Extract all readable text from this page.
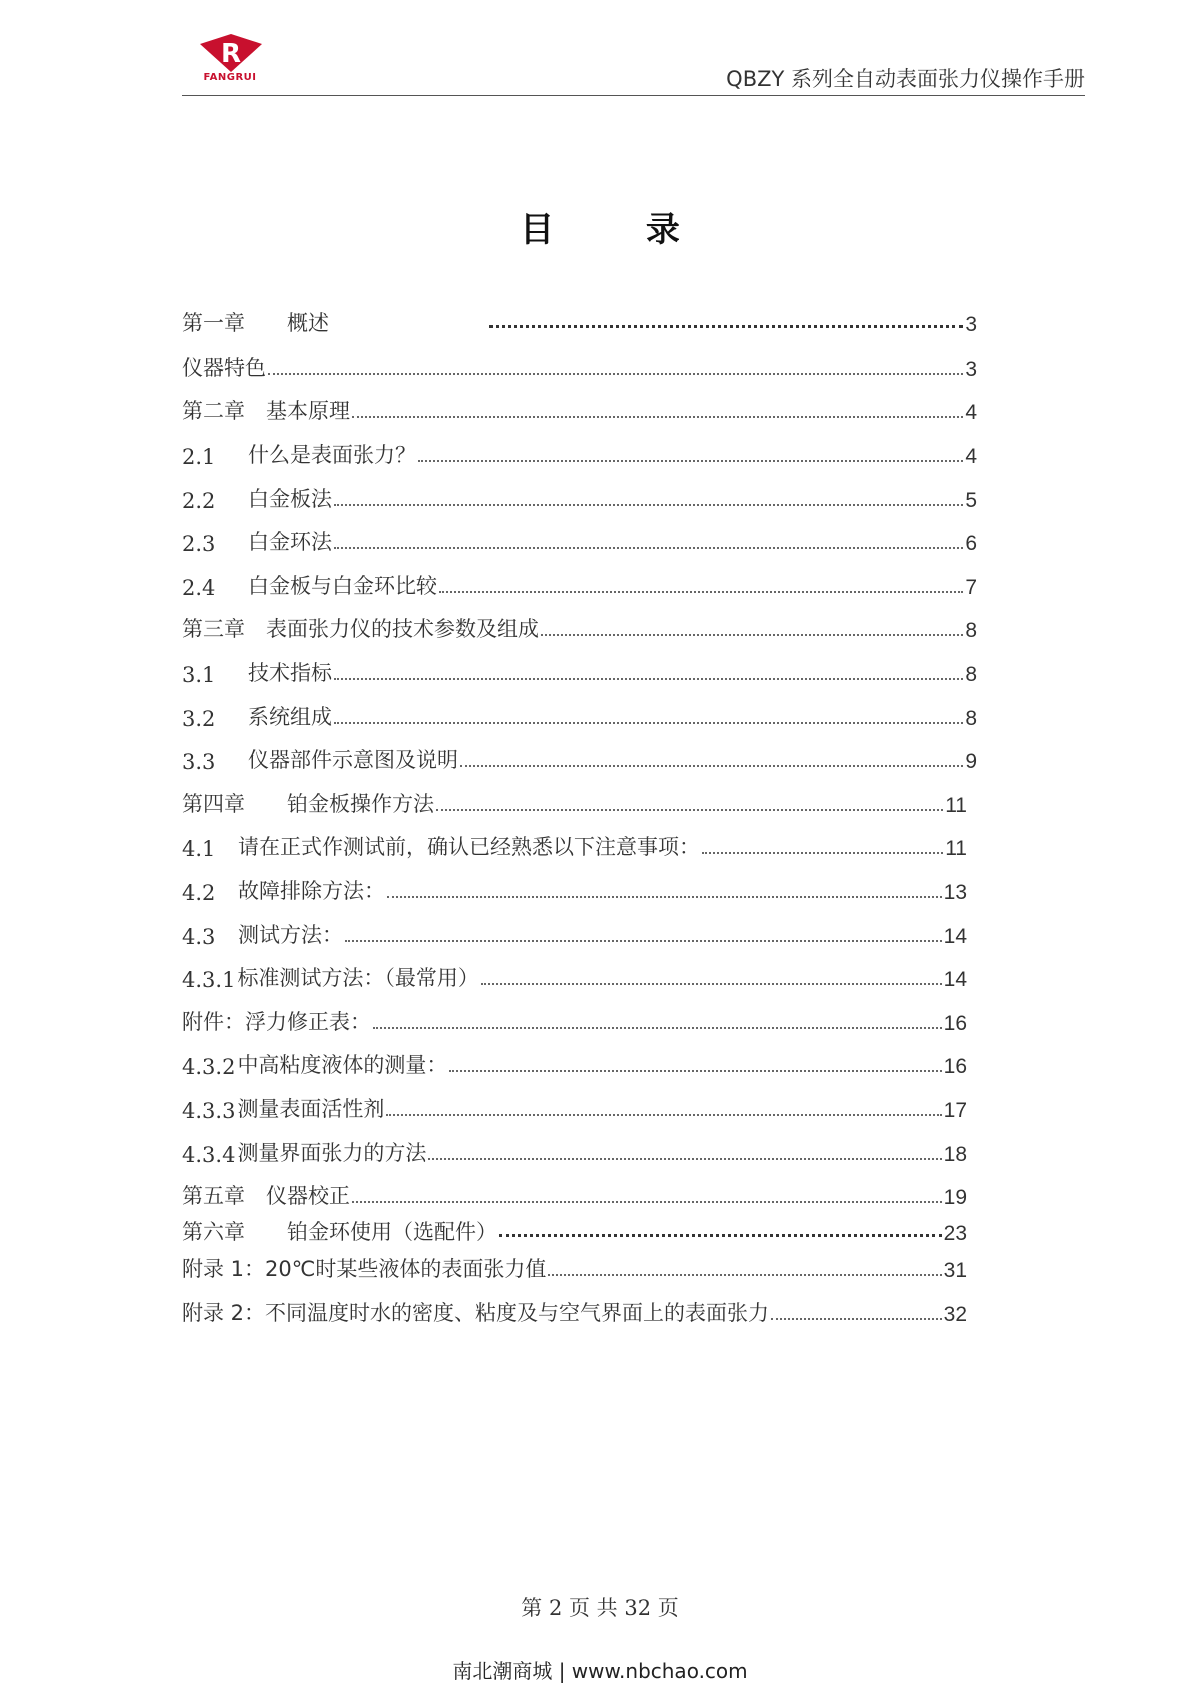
R
FANGRUI	QBZY 系列全自动表面张力仪操作手册
目 录
第一章　　概述	3
仪器特色	3
第二章　基本原理	4
2.1	什么是表面张力？	4
2.2	白金板法	5
2.3	白金环法	6
2.4	白金板与白金环比较	7
第三章　表面张力仪的技术参数及组成	8
3.1	技术指标	8
3.2	系统组成	8
3.3	仪器部件示意图及说明	9
第四章　　铂金板操作方法	11
4.1	请在正式作测试前，确认已经熟悉以下注意事项：	11
4.2	故障排除方法：	13
4.3	测试方法：	14
4.3.1 标准测试方法：（最常用）	14
附件：浮力修正表：	16
4.3.2 中高粘度液体的测量：	16
4.3.3 测量表面活性剂	17
4.3.4 测量界面张力的方法	18
第五章　仪器校正	19
第六章　　铂金环使用（选配件）	23
附录 1：20℃时某些液体的表面张力值	31
附录 2：不同温度时水的密度、粘度及与空气界面上的表面张力	32
第 2 页 共 32 页
南北潮商城 | www.nbchao.com
